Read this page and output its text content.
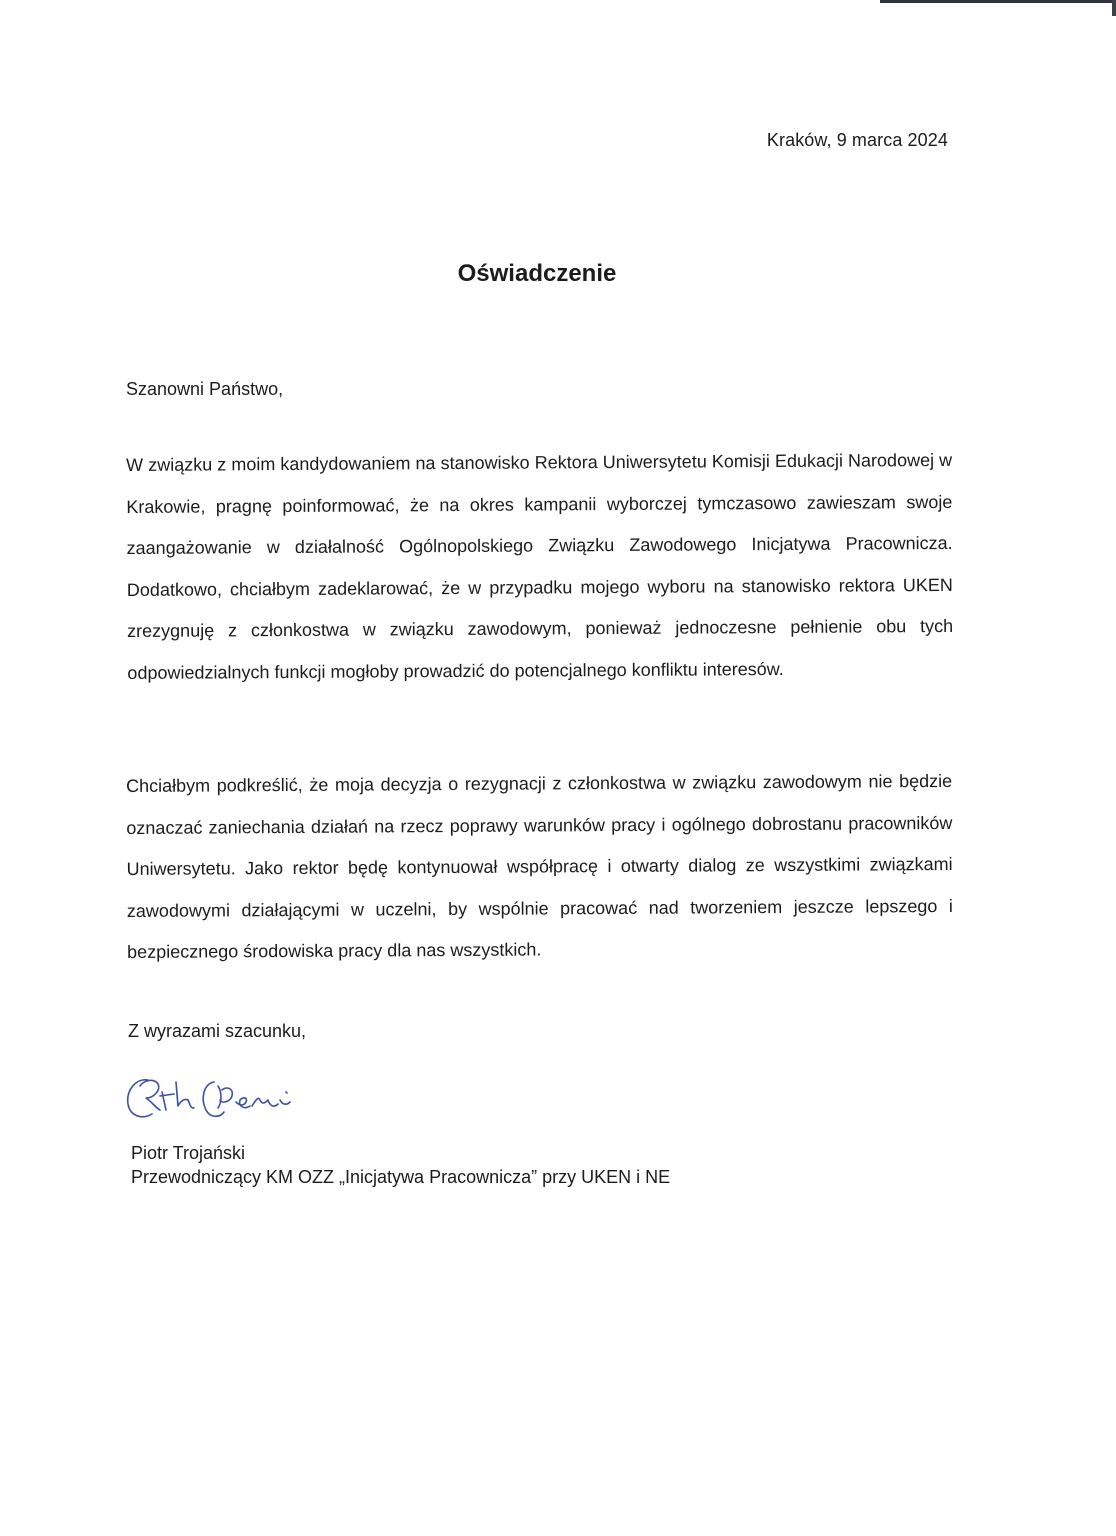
Kraków, 9 marca 2024
Oświadczenie
Szanowni Państwo,

W związku z moim kandydowaniem na stanowisko Rektora Uniwersytetu Komisji Edukacji Narodowej w Krakowie, pragnę poinformować, że na okres kampanii wyborczej tymczasowo zawieszam swoje zaangażowanie w działalność Ogólnopolskiego Związku Zawodowego Inicjatywa Pracownicza. Dodatkowo, chciałbym zadeklarować, że w przypadku mojego wyboru na stanowisko rektora UKEN zrezygnuję z członkostwa w związku zawodowym, ponieważ jednoczesne pełnienie obu tych odpowiedzialnych funkcji mogłoby prowadzić do potencjalnego konfliktu interesów.

Chciałbym podkreślić, że moja decyzja o rezygnacji z członkostwa w związku zawodowym nie będzie oznaczać zaniechania działań na rzecz poprawy warunków pracy i ogólnego dobrostanu pracowników Uniwersytetu. Jako rektor będę kontynuował współpracę i otwarty dialog ze wszystkimi związkami zawodowymi działającymi w uczelni, by wspólnie pracować nad tworzeniem jeszcze lepszego i bezpiecznego środowiska pracy dla nas wszystkich.

Z wyrazami szacunku,
Piotr Trojański
Przewodniczący KM OZZ „Inicjatywa Pracownicza” przy UKEN i NE
